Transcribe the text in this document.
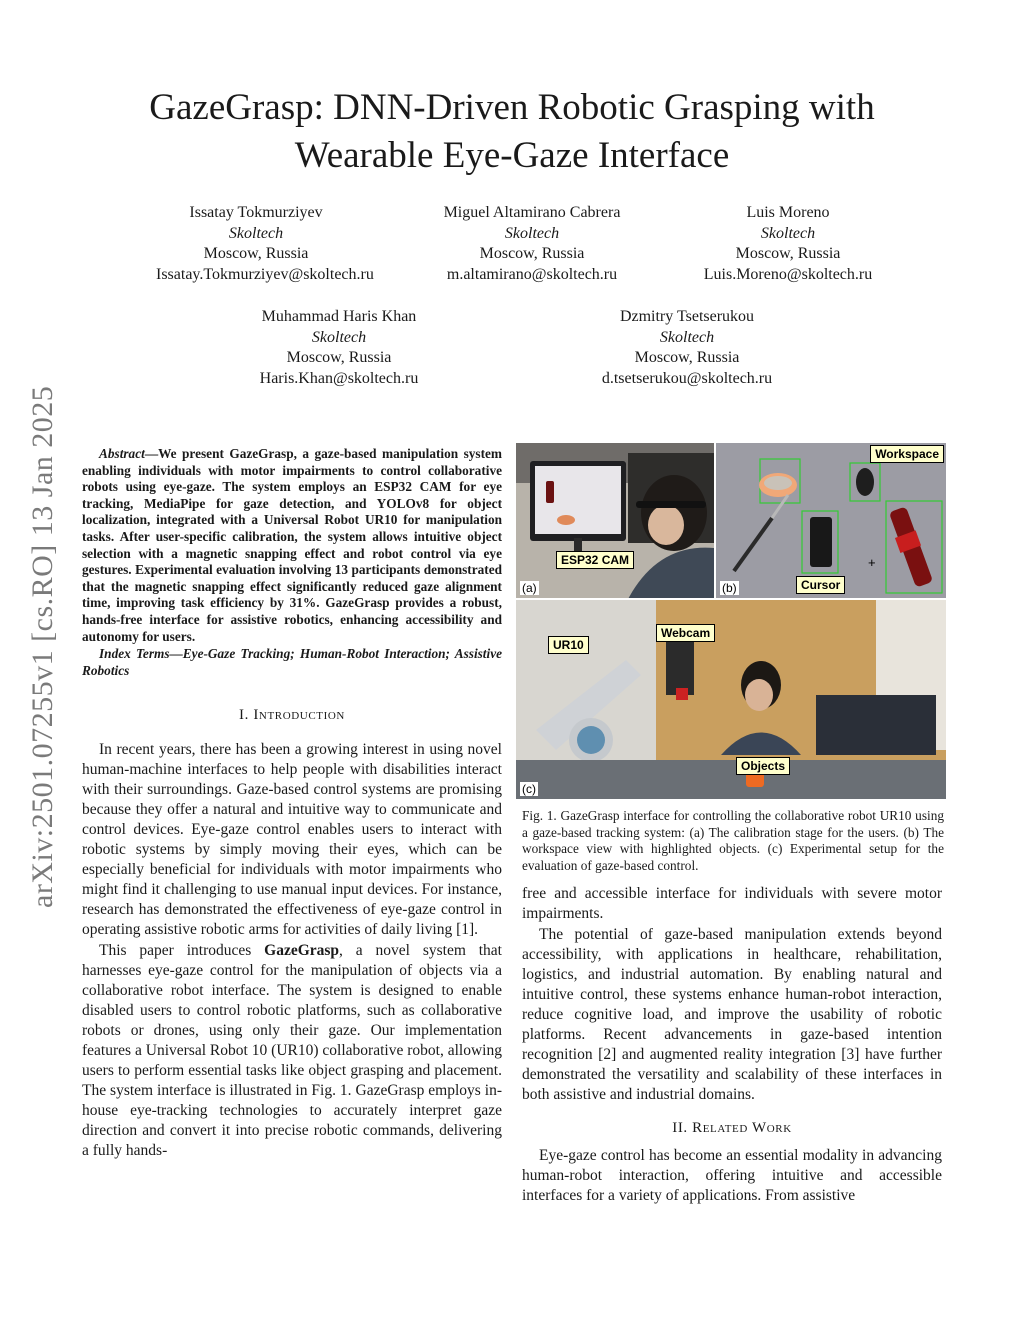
arXiv:2501.07255v1 [cs.RO] 13 Jan 2025
GazeGrasp: DNN-Driven Robotic Grasping with
Wearable Eye-Gaze Interface
Issatay Tokmurziyev
Skoltech
Moscow, Russia
Issatay.Tokmurziyev@skoltech.ru
Miguel Altamirano Cabrera
Skoltech
Moscow, Russia
m.altamirano@skoltech.ru
Luis Moreno
Skoltech
Moscow, Russia
Luis.Moreno@skoltech.ru
Muhammad Haris Khan
Skoltech
Moscow, Russia
Haris.Khan@skoltech.ru
Dzmitry Tsetserukou
Skoltech
Moscow, Russia
d.tsetserukou@skoltech.ru
Abstract—We present GazeGrasp, a gaze-based manipulation system enabling individuals with motor impairments to control collaborative robots using eye-gaze. The system employs an ESP32 CAM for eye tracking, MediaPipe for gaze detection, and YOLOv8 for object localization, integrated with a Universal Robot UR10 for manipulation tasks. After user-specific calibration, the system allows intuitive object selection with a magnetic snapping effect and robot control via eye gestures. Experimental evaluation involving 13 participants demonstrated that the magnetic snapping effect significantly reduced gaze alignment time, improving task efficiency by 31%. GazeGrasp provides a robust, hands-free interface for assistive robotics, enhancing accessibility and autonomy for users.
Index Terms—Eye-Gaze Tracking; Human-Robot Interaction; Assistive Robotics
I. Introduction

In recent years, there has been a growing interest in using novel human-machine interfaces to help people with disabilities interact with their surroundings. Gaze-based control systems are promising because they offer a natural and intuitive way to communicate and control devices. Eye-gaze control enables users to interact with robotic systems by simply moving their eyes, which can be especially beneficial for individuals with motor impairments who might find it challenging to use manual input devices. For instance, research has demonstrated the effectiveness of eye-gaze control in operating assistive robotic arms for activities of daily living [1].

This paper introduces GazeGrasp, a novel system that harnesses eye-gaze control for the manipulation of objects via a collaborative robot interface. The system is designed to enable disabled users to control robotic platforms, such as collaborative robots or drones, using only their gaze. Our implementation features a Universal Robot 10 (UR10) collaborative robot, allowing users to perform essential tasks like object grasping and placement. The system interface is illustrated in Fig. 1. GazeGrasp employs in-house eye-tracking technologies to accurately interpret gaze direction and convert it into precise robotic commands, delivering a fully hands-

(a)
ESP32 CAM	+
(b)
Workspace
Cursor
(c)
UR10
Webcam
Objects
Fig. 1. GazeGrasp interface for controlling the collaborative robot UR10 using a gaze-based tracking system: (a) The calibration stage for the users. (b) The workspace view with highlighted objects. (c) Experimental setup for the evaluation of gaze-based control.

free and accessible interface for individuals with severe motor impairments.

The potential of gaze-based manipulation extends beyond accessibility, with applications in healthcare, rehabilitation, logistics, and industrial automation. By enabling natural and intuitive control, these systems enhance human-robot interaction, reduce cognitive load, and improve the usability of robotic platforms. Recent advancements in gaze-based intention recognition [2] and augmented reality integration [3] have further demonstrated the versatility and scalability of these interfaces in both assistive and industrial domains.

II. Related Work

Eye-gaze control has become an essential modality in advancing human-robot interaction, offering intuitive and accessible interfaces for a variety of applications. From assistive
